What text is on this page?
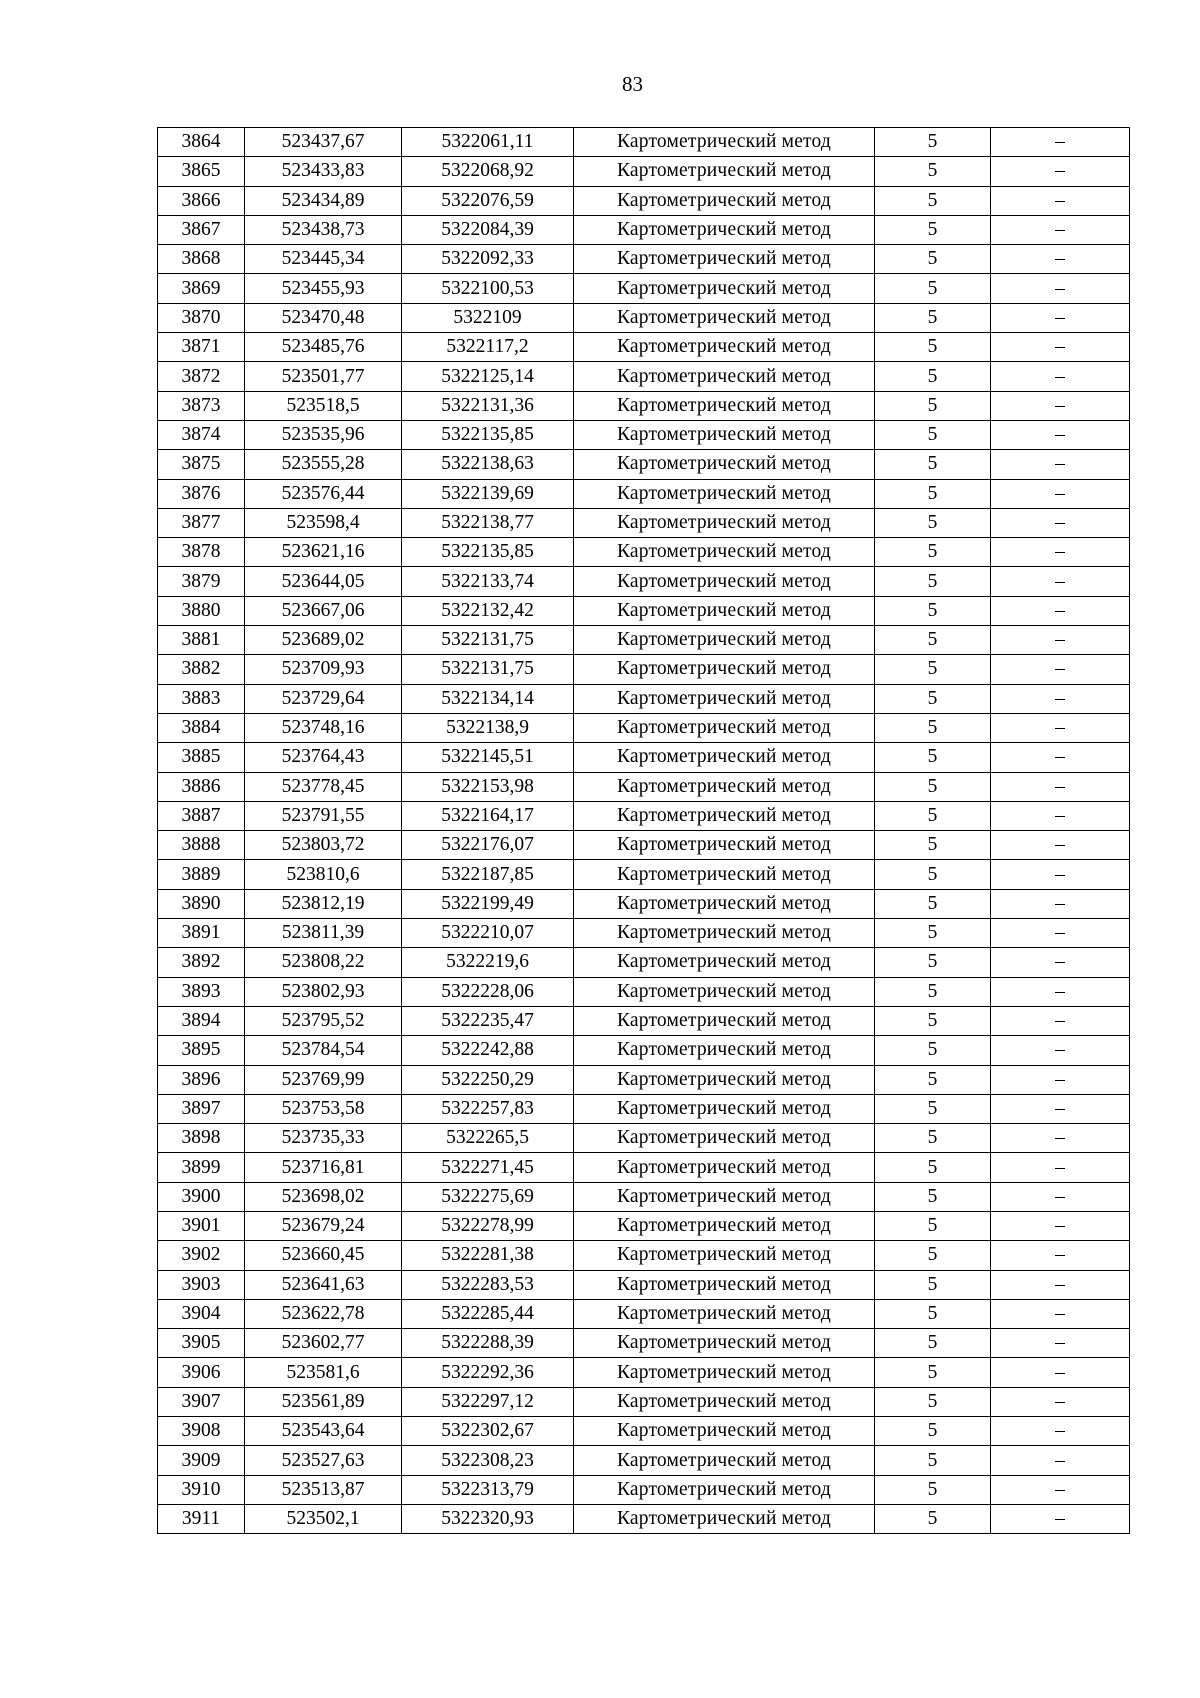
83
3864	523437,67	5322061,11	Картометрический метод	5	–
3865	523433,83	5322068,92	Картометрический метод	5	–
3866	523434,89	5322076,59	Картометрический метод	5	–
3867	523438,73	5322084,39	Картометрический метод	5	–
3868	523445,34	5322092,33	Картометрический метод	5	–
3869	523455,93	5322100,53	Картометрический метод	5	–
3870	523470,48	5322109	Картометрический метод	5	–
3871	523485,76	5322117,2	Картометрический метод	5	–
3872	523501,77	5322125,14	Картометрический метод	5	–
3873	523518,5	5322131,36	Картометрический метод	5	–
3874	523535,96	5322135,85	Картометрический метод	5	–
3875	523555,28	5322138,63	Картометрический метод	5	–
3876	523576,44	5322139,69	Картометрический метод	5	–
3877	523598,4	5322138,77	Картометрический метод	5	–
3878	523621,16	5322135,85	Картометрический метод	5	–
3879	523644,05	5322133,74	Картометрический метод	5	–
3880	523667,06	5322132,42	Картометрический метод	5	–
3881	523689,02	5322131,75	Картометрический метод	5	–
3882	523709,93	5322131,75	Картометрический метод	5	–
3883	523729,64	5322134,14	Картометрический метод	5	–
3884	523748,16	5322138,9	Картометрический метод	5	–
3885	523764,43	5322145,51	Картометрический метод	5	–
3886	523778,45	5322153,98	Картометрический метод	5	–
3887	523791,55	5322164,17	Картометрический метод	5	–
3888	523803,72	5322176,07	Картометрический метод	5	–
3889	523810,6	5322187,85	Картометрический метод	5	–
3890	523812,19	5322199,49	Картометрический метод	5	–
3891	523811,39	5322210,07	Картометрический метод	5	–
3892	523808,22	5322219,6	Картометрический метод	5	–
3893	523802,93	5322228,06	Картометрический метод	5	–
3894	523795,52	5322235,47	Картометрический метод	5	–
3895	523784,54	5322242,88	Картометрический метод	5	–
3896	523769,99	5322250,29	Картометрический метод	5	–
3897	523753,58	5322257,83	Картометрический метод	5	–
3898	523735,33	5322265,5	Картометрический метод	5	–
3899	523716,81	5322271,45	Картометрический метод	5	–
3900	523698,02	5322275,69	Картометрический метод	5	–
3901	523679,24	5322278,99	Картометрический метод	5	–
3902	523660,45	5322281,38	Картометрический метод	5	–
3903	523641,63	5322283,53	Картометрический метод	5	–
3904	523622,78	5322285,44	Картометрический метод	5	–
3905	523602,77	5322288,39	Картометрический метод	5	–
3906	523581,6	5322292,36	Картометрический метод	5	–
3907	523561,89	5322297,12	Картометрический метод	5	–
3908	523543,64	5322302,67	Картометрический метод	5	–
3909	523527,63	5322308,23	Картометрический метод	5	–
3910	523513,87	5322313,79	Картометрический метод	5	–
3911	523502,1	5322320,93	Картометрический метод	5	–
